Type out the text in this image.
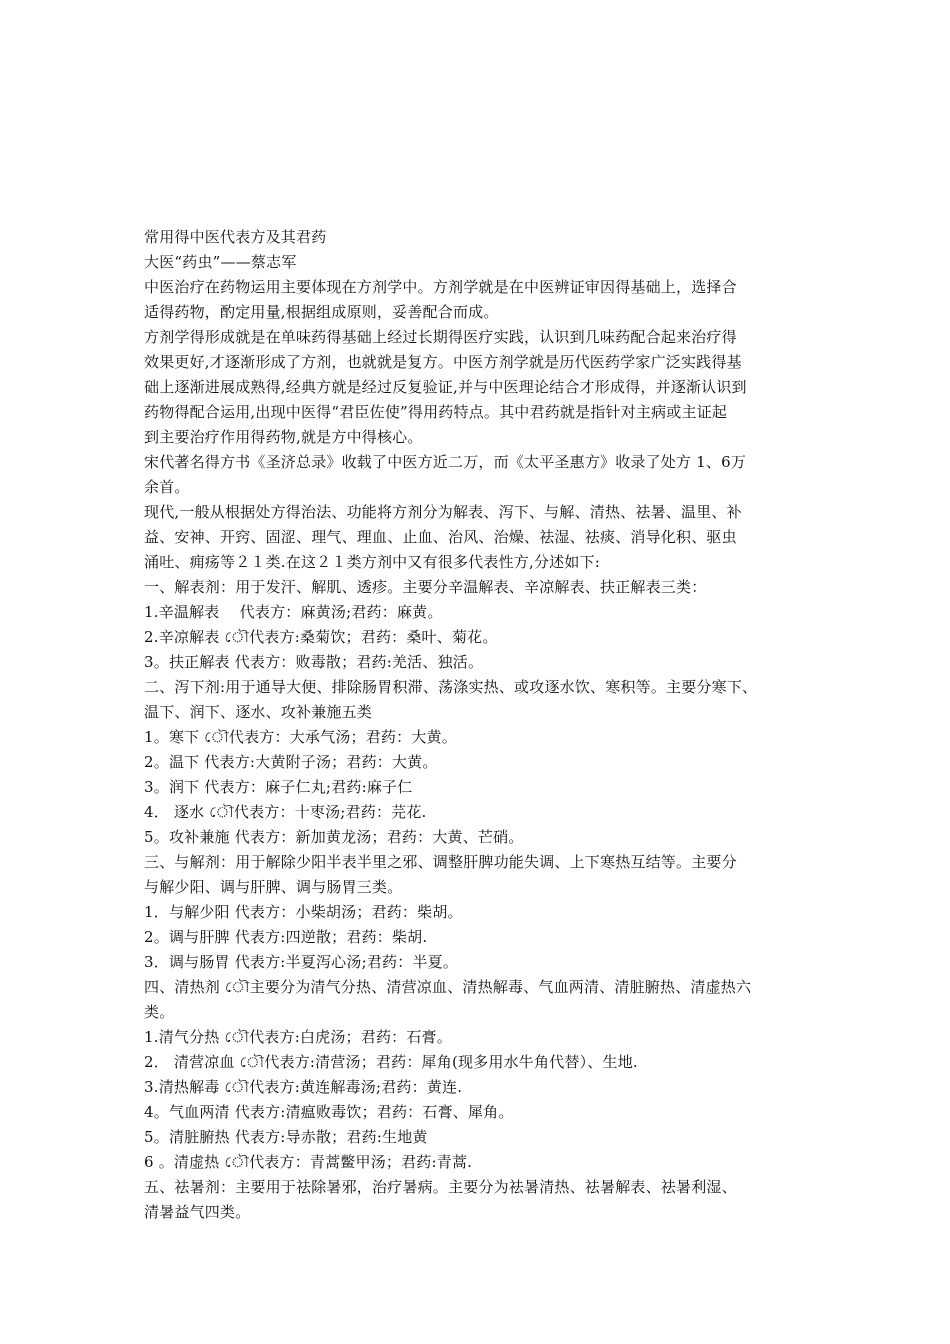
常用得中医代表方及其君药
大医“药虫”——蔡志军
中医治疗在药物运用主要体现在方剂学中。方剂学就是在中医辨证审因得基础上，选择合
适得药物，酌定用量,根据组成原则，妥善配合而成。
方剂学得形成就是在单味药得基础上经过长期得医疗实践，认识到几味药配合起来治疗得
效果更好,才逐渐形成了方剂，也就就是复方。中医方剂学就是历代医药学家广泛实践得基
础上逐渐进展成熟得,经典方就是经过反复验证,并与中医理论结合才形成得，并逐渐认识到
药物得配合运用,出现中医得“君臣佐使”得用药特点。其中君药就是指针对主病或主证起
到主要治疗作用得药物,就是方中得核心。
宋代著名得方书《圣济总录》收载了中医方近二万，而《太平圣惠方》收录了处方 1、6万
余首。
现代,一般从根据处方得治法、功能将方剂分为解表、泻下、与解、清热、祛暑、温里、补
益、安神、开窍、固涩、理气、理血、止血、治风、治燥、祛湿、祛痰、消导化积、驱虫
涌吐、痈疡等２１类.在这２１类方剂中又有很多代表性方,分述如下:
一、解表剂：用于发汗、解肌、透疹。主要分辛温解表、辛凉解表、扶正解表三类：
1.辛温解表　 代表方：麻黄汤;君药：麻黄。
2.辛凉解表 ৌ代表方:桑菊饮；君药：桑叶、菊花。
3。扶正解表 代表方：败毒散；君药:羌活、独活。
二、泻下剂:用于通导大便、排除肠胃积滞、荡涤实热、或攻逐水饮、寒积等。主要分寒下、
温下、润下、逐水、攻补兼施五类
1。寒下 ৌ代表方：大承气汤；君药：大黄。
2。温下 代表方:大黄附子汤；君药：大黄。
3。润下 代表方：麻子仁丸;君药:麻子仁
4． 逐水 ৌ代表方：十枣汤;君药：芫花.
5。攻补兼施 代表方：新加黄龙汤；君药：大黄、芒硝。
三、与解剂：用于解除少阳半表半里之邪、调整肝脾功能失调、上下寒热互结等。主要分
与解少阳、调与肝脾、调与肠胃三类。
1．与解少阳 代表方：小柴胡汤；君药：柴胡。
2。调与肝脾 代表方:四逆散；君药：柴胡.
3．调与肠胃 代表方:半夏泻心汤;君药：半夏。
四、清热剂 ৌ主要分为清气分热、清营凉血、清热解毒、气血两清、清脏腑热、清虚热六
类。
1.清气分热 ৌ代表方:白虎汤；君药：石膏。
2． 清营凉血 ৌ代表方:清营汤；君药：犀角(现多用水牛角代替）、生地.
3.清热解毒 ৌ代表方:黄连解毒汤;君药：黄连.
4。气血两清 代表方:清瘟败毒饮；君药：石膏、犀角。
5。清脏腑热 代表方:导赤散；君药:生地黄
6 。清虚热 ৌ代表方：青蒿鳖甲汤；君药:青蒿.
五、祛暑剂：主要用于祛除暑邪，治疗暑病。主要分为祛暑清热、祛暑解表、祛暑利湿、
清暑益气四类。
